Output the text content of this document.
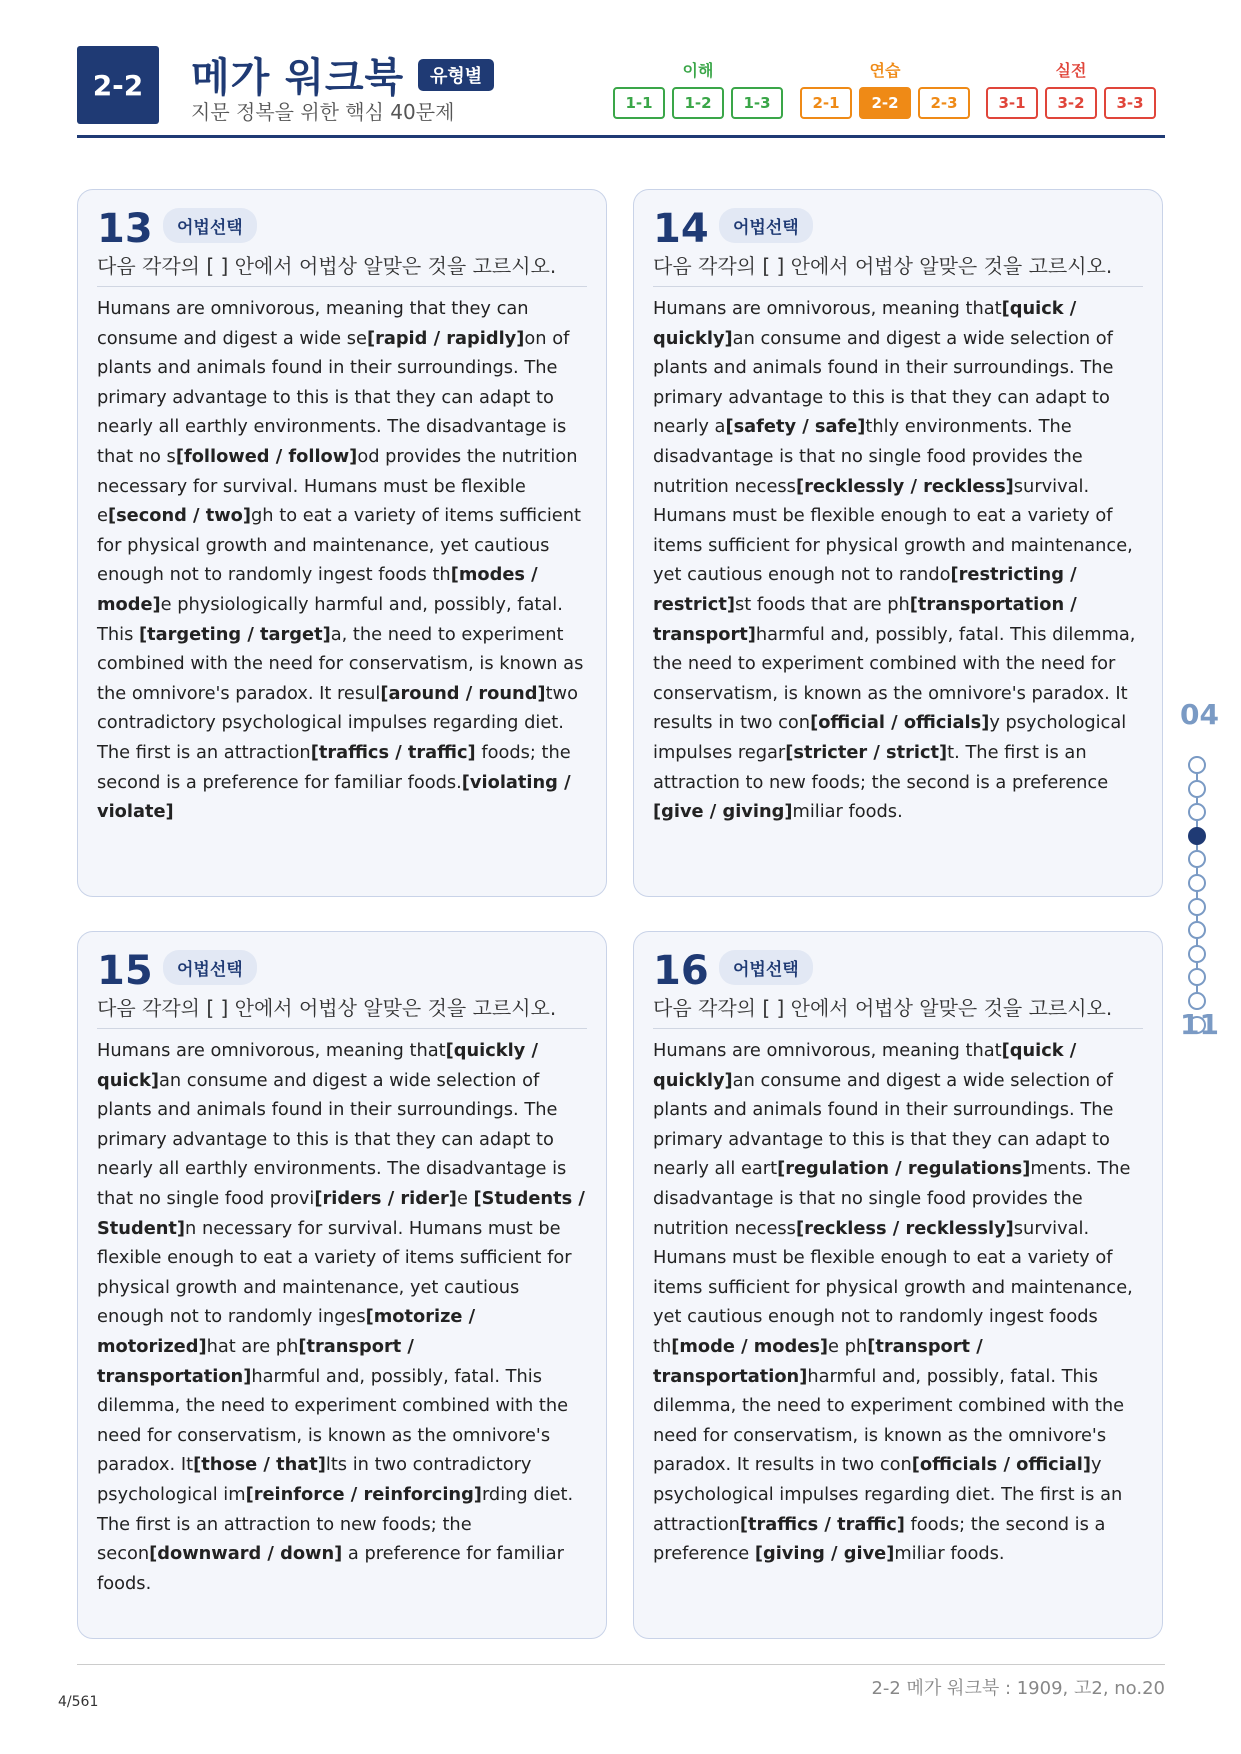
2-2	메가 워크북	유형별
지문 정복을 위한 핵심 40문제
이해
1-1	1-2	1-3
연습
2-1	2-2	2-3
실전
3-1	3-2	3-3
13	어법선택
다음 각각의 [ ] 안에서 어법상 알맞은 것을 고르시오.
Humans are omnivorous, meaning that they can consume and digest a wide se[rapid / rapidly]on of plants and animals found in their surroundings. The primary advantage to this is that they can adapt to nearly all earthly environments. The disadvantage is that no s[followed / follow]od provides the nutrition necessary for survival. Humans must be flexible e[second / two]gh to eat a variety of items sufficient for physical growth and maintenance, yet cautious enough not to randomly ingest foods th[modes / mode]e physiologically harmful and, possibly, fatal. This [targeting / target]a, the need to experiment combined with the need for conservatism, is known as the omnivore's paradox. It resul[around / round]two contradictory psychological impulses regarding diet. The first is an attraction[traffics / traffic] foods; the second is a preference for familiar foods.[violating / violate]
14	어법선택
다음 각각의 [ ] 안에서 어법상 알맞은 것을 고르시오.
Humans are omnivorous, meaning that[quick / quickly]an consume and digest a wide selection of plants and animals found in their surroundings. The primary advantage to this is that they can adapt to nearly a[safety / safe]thly environments. The disadvantage is that no single food provides the nutrition necess[recklessly / reckless]survival. Humans must be flexible enough to eat a variety of items sufficient for physical growth and maintenance, yet cautious enough not to rando[restricting / restrict]st foods that are ph[transportation / transport]harmful and, possibly, fatal. This dilemma, the need to experiment combined with the need for conservatism, is known as the omnivore's paradox. It results in two con[official / officials]y psychological impulses regar[stricter / strict]t. The first is an attraction to new foods; the second is a preference [give / giving]miliar foods.
15	어법선택
다음 각각의 [ ] 안에서 어법상 알맞은 것을 고르시오.
Humans are omnivorous, meaning that[quickly / quick]an consume and digest a wide selection of plants and animals found in their surroundings. The primary advantage to this is that they can adapt to nearly all earthly environments. The disadvantage is that no single food provi[riders / rider]e [Students / Student]n necessary for survival. Humans must be flexible enough to eat a variety of items sufficient for physical growth and maintenance, yet cautious enough not to randomly inges[motorize / motorized]hat are ph[transport / transportation]harmful and, possibly, fatal. This dilemma, the need to experiment combined with the need for conservatism, is known as the omnivore's paradox. It[those / that]lts in two contradictory psychological im[reinforce / reinforcing]rding diet. The first is an attraction to new foods; the secon[downward / down] a preference for familiar foods.
16	어법선택
다음 각각의 [ ] 안에서 어법상 알맞은 것을 고르시오.
Humans are omnivorous, meaning that[quick / quickly]an consume and digest a wide selection of plants and animals found in their surroundings. The primary advantage to this is that they can adapt to nearly all eart[regulation / regulations]ments. The disadvantage is that no single food provides the nutrition necess[reckless / recklessly]survival. Humans must be flexible enough to eat a variety of items sufficient for physical growth and maintenance, yet cautious enough not to randomly ingest foods th[mode / modes]e ph[transport / transportation]harmful and, possibly, fatal. This dilemma, the need to experiment combined with the need for conservatism, is known as the omnivore's paradox. It results in two con[officials / official]y psychological impulses regarding diet. The first is an attraction[traffics / traffic] foods; the second is a preference [giving / give]miliar foods.
04
11
2-2 메가 워크북 : 1909, 고2, no.20
4/561
